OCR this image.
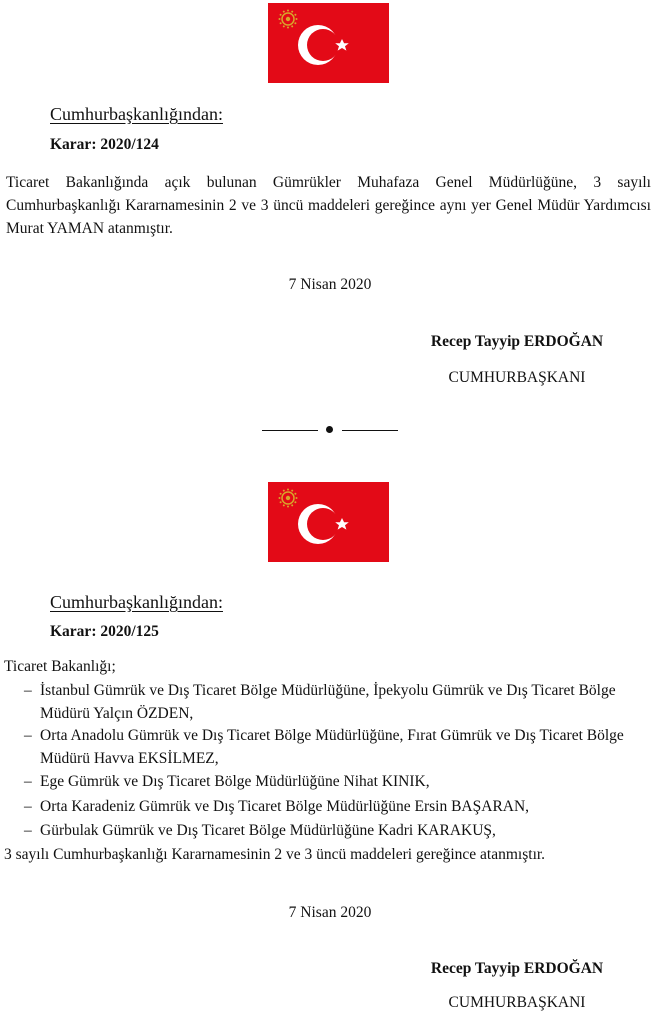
Cumhurbaşkanlığından:
Karar: 2020/124
Ticaret Bakanlığında açık bulunan Gümrükler Muhafaza Genel Müdürlüğüne, 3 sayılı Cumhurbaşkanlığı Kararnamesinin 2 ve 3 üncü maddeleri gereğince aynı yer Genel Müdür Yardımcısı Murat YAMAN atanmıştır.
7 Nisan 2020
Recep Tayyip ERDOĞAN
CUMHURBAŞKANI
Cumhurbaşkanlığından:
Karar: 2020/125
Ticaret Bakanlığı;
– İstanbul Gümrük ve Dış Ticaret Bölge Müdürlüğüne, İpekyolu Gümrük ve Dış Ticaret Bölge Müdürü Yalçın ÖZDEN,
– Orta Anadolu Gümrük ve Dış Ticaret Bölge Müdürlüğüne, Fırat Gümrük ve Dış Ticaret Bölge Müdürü Havva EKSİLMEZ,
– Ege Gümrük ve Dış Ticaret Bölge Müdürlüğüne Nihat KINIK,
– Orta Karadeniz Gümrük ve Dış Ticaret Bölge Müdürlüğüne Ersin BAŞARAN,
– Gürbulak Gümrük ve Dış Ticaret Bölge Müdürlüğüne Kadri KARAKUŞ,
3 sayılı Cumhurbaşkanlığı Kararnamesinin 2 ve 3 üncü maddeleri gereğince atanmıştır.
7 Nisan 2020
Recep Tayyip ERDOĞAN
CUMHURBAŞKANI
